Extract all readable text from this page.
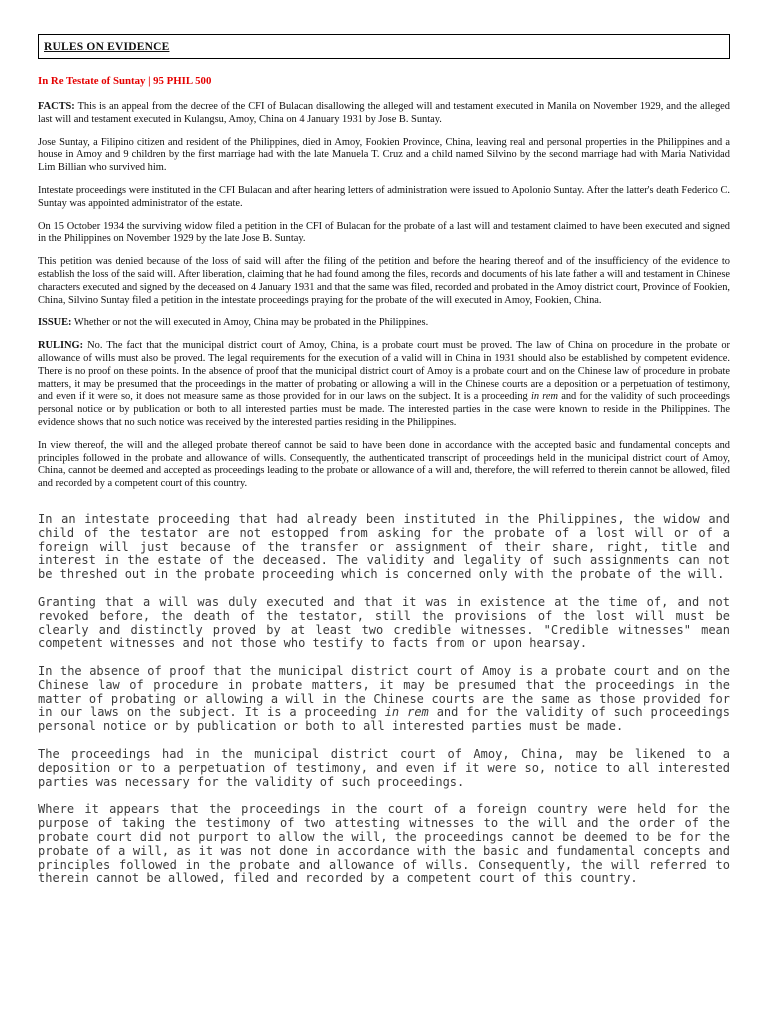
RULES ON EVIDENCE
In Re Testate of Suntay | 95 PHIL 500

FACTS: This is an appeal from the decree of the CFI of Bulacan disallowing the alleged will and testament executed in Manila on November 1929, and the alleged last will and testament executed in Kulangsu, Amoy, China on 4 January 1931 by Jose B. Suntay.

Jose Suntay, a Filipino citizen and resident of the Philippines, died in Amoy, Fookien Province, China, leaving real and personal properties in the Philippines and a house in Amoy and 9 children by the first marriage had with the late Manuela T. Cruz and a child named Silvino by the second marriage had with Maria Natividad Lim Billian who survived him.

Intestate proceedings were instituted in the CFI Bulacan and after hearing letters of administration were issued to Apolonio Suntay. After the latter's death Federico C. Suntay was appointed administrator of the estate.

On 15 October 1934 the surviving widow filed a petition in the CFI of Bulacan for the probate of a last will and testament claimed to have been executed and signed in the Philippines on November 1929 by the late Jose B. Suntay.

This petition was denied because of the loss of said will after the filing of the petition and before the hearing thereof and of the insufficiency of the evidence to establish the loss of the said will. After liberation, claiming that he had found among the files, records and documents of his late father a will and testament in Chinese characters executed and signed by the deceased on 4 January 1931 and that the same was filed, recorded and probated in the Amoy district court, Province of Fookien, China, Silvino Suntay filed a petition in the intestate proceedings praying for the probate of the will executed in Amoy, Fookien, China.

ISSUE: Whether or not the will executed in Amoy, China may be probated in the Philippines.

RULING: No. The fact that the municipal district court of Amoy, China, is a probate court must be proved. The law of China on procedure in the probate or allowance of wills must also be proved. The legal requirements for the execution of a valid will in China in 1931 should also be established by competent evidence. There is no proof on these points. In the absence of proof that the municipal district court of Amoy is a probate court and on the Chinese law of procedure in probate matters, it may be presumed that the proceedings in the matter of probating or allowing a will in the Chinese courts are a deposition or a perpetuation of testimony, and even if it were so, it does not measure same as those provided for in our laws on the subject. It is a proceeding in rem and for the validity of such proceedings personal notice or by publication or both to all interested parties must be made. The interested parties in the case were known to reside in the Philippines. The evidence shows that no such notice was received by the interested parties residing in the Philippines.

In view thereof, the will and the alleged probate thereof cannot be said to have been done in accordance with the accepted basic and fundamental concepts and principles followed in the probate and allowance of wills. Consequently, the authenticated transcript of proceedings held in the municipal district court of Amoy, China, cannot be deemed and accepted as proceedings leading to the probate or allowance of a will and, therefore, the will referred to therein cannot be allowed, filed and recorded by a competent court of this country.

In an intestate proceeding that had already been instituted in the Philippines, the widow and child of the testator are not estopped from asking for the probate of a lost will or of a foreign will just because of the transfer or assignment of their share, right, title and interest in the estate of the deceased. The validity and legality of such assignments can not be threshed out in the probate proceeding which is concerned only with the probate of the will.

Granting that a will was duly executed and that it was in existence at the time of, and not revoked before, the death of the testator, still the provisions of the lost will must be clearly and distinctly proved by at least two credible witnesses. "Credible witnesses" mean competent witnesses and not those who testify to facts from or upon hearsay.

In the absence of proof that the municipal district court of Amoy is a probate court and on the Chinese law of procedure in probate matters, it may be presumed that the proceedings in the matter of probating or allowing a will in the Chinese courts are the same as those provided for in our laws on the subject. It is a proceeding in rem and for the validity of such proceedings personal notice or by publication or both to all interested parties must be made.

The proceedings had in the municipal district court of Amoy, China, may be likened to a deposition or to a perpetuation of testimony, and even if it were so, notice to all interested parties was necessary for the validity of such proceedings.

Where it appears that the proceedings in the court of a foreign country were held for the purpose of taking the testimony of two attesting witnesses to the will and the order of the probate court did not purport to allow the will, the proceedings cannot be deemed to be for the probate of a will, as it was not done in accordance with the basic and fundamental concepts and principles followed in the probate and allowance of wills. Consequently, the will referred to therein cannot be allowed, filed and recorded by a competent court of this country.
